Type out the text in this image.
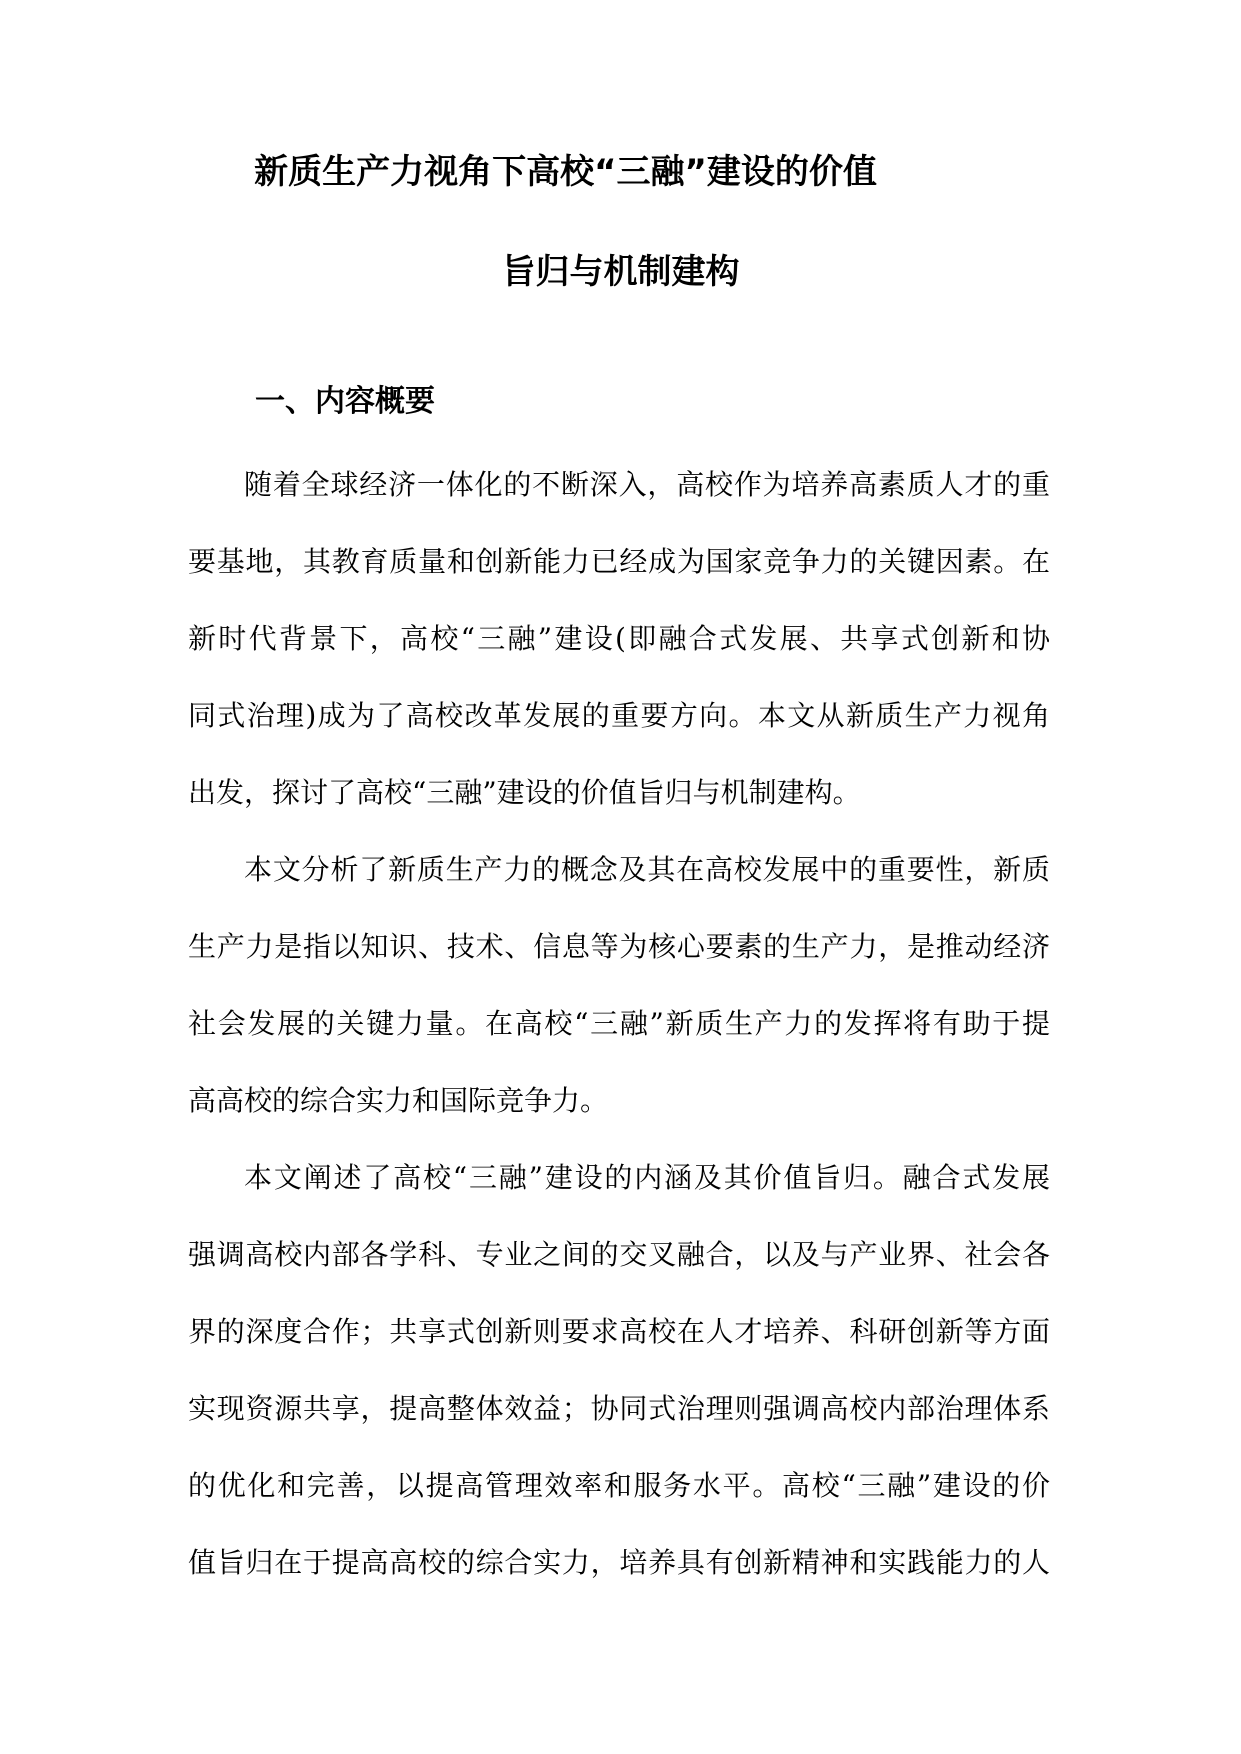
新质生产力视角下高校“三融”建设的价值
旨归与机制建构
一、内容概要
随着全球经济一体化的不断深入，高校作为培养高素质人才的重
要基地，其教育质量和创新能力已经成为国家竞争力的关键因素。在
新时代背景下，高校“三融”建设(即融合式发展、共享式创新和协
同式治理)成为了高校改革发展的重要方向。本文从新质生产力视角
出发，探讨了高校“三融”建设的价值旨归与机制建构。
本文分析了新质生产力的概念及其在高校发展中的重要性，新质
生产力是指以知识、技术、信息等为核心要素的生产力，是推动经济
社会发展的关键力量。在高校“三融”新质生产力的发挥将有助于提
高高校的综合实力和国际竞争力。
本文阐述了高校“三融”建设的内涵及其价值旨归。融合式发展
强调高校内部各学科、专业之间的交叉融合，以及与产业界、社会各
界的深度合作；共享式创新则要求高校在人才培养、科研创新等方面
实现资源共享，提高整体效益；协同式治理则强调高校内部治理体系
的优化和完善，以提高管理效率和服务水平。高校“三融”建设的价
值旨归在于提高高校的综合实力，培养具有创新精神和实践能力的人
